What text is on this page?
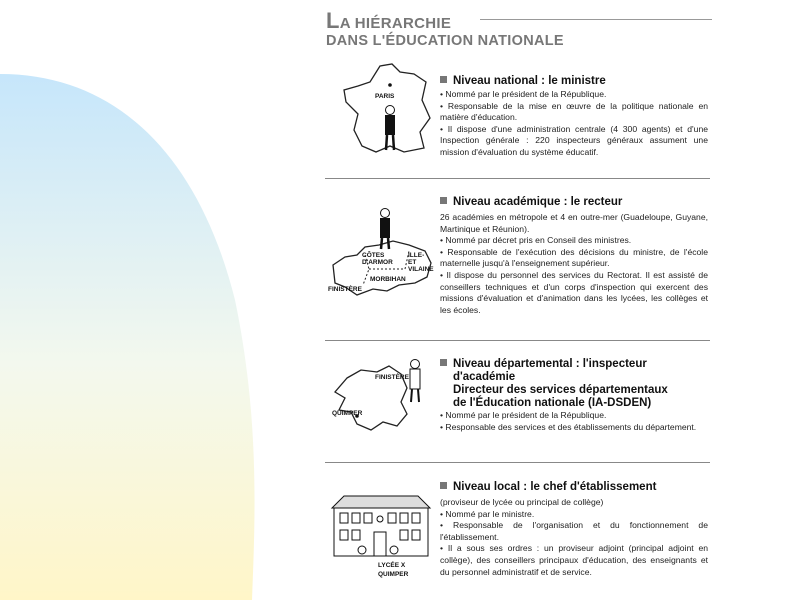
LA HIÉRARCHIE
DANS L'ÉDUCATION NATIONALE
PARIS
Niveau national : le ministre

• Nommé par le président de la République.

• Responsable de la mise en œuvre de la politique nationale en matière d'éducation.

• Il dispose d'une administration centrale (4 300 agents) et d'une Inspection générale : 220 inspecteurs généraux assument une mission d'évaluation du système éducatif.

CÔTES D'ARMOR
ILLE- ET VILAINE
MORBIHAN
FINISTÈRE
Niveau académique : le recteur

26 académies en métropole et 4 en outre-mer (Guadeloupe, Guyane, Martinique et Réunion).

• Nommé par décret pris en Conseil des ministres.

• Responsable de l'exécution des décisions du ministre, de l'école maternelle jusqu'à l'enseignement supérieur.

• Il dispose du personnel des services du Rectorat. Il est assisté de conseillers techniques et d'un corps d'inspection qui exercent des missions d'évaluation et d'animation dans les lycées, les collèges et les écoles.

FINISTÈRE
QUIMPER
Niveau départemental : l'inspecteur
d'académie
Directeur des services départementaux
de l'Éducation nationale (IA-DSDEN)

• Nommé par le président de la République.

• Responsable des services et des établissements du département.

LYCÉE X
QUIMPER
Niveau local : le chef d'établissement

(proviseur de lycée ou principal de collège)

• Nommé par le ministre.

• Responsable de l'organisation et du fonctionnement de l'établissement.

• Il a sous ses ordres : un proviseur adjoint (principal adjoint en collège), des conseillers principaux d'éducation, des enseignants et du personnel administratif et de service.
